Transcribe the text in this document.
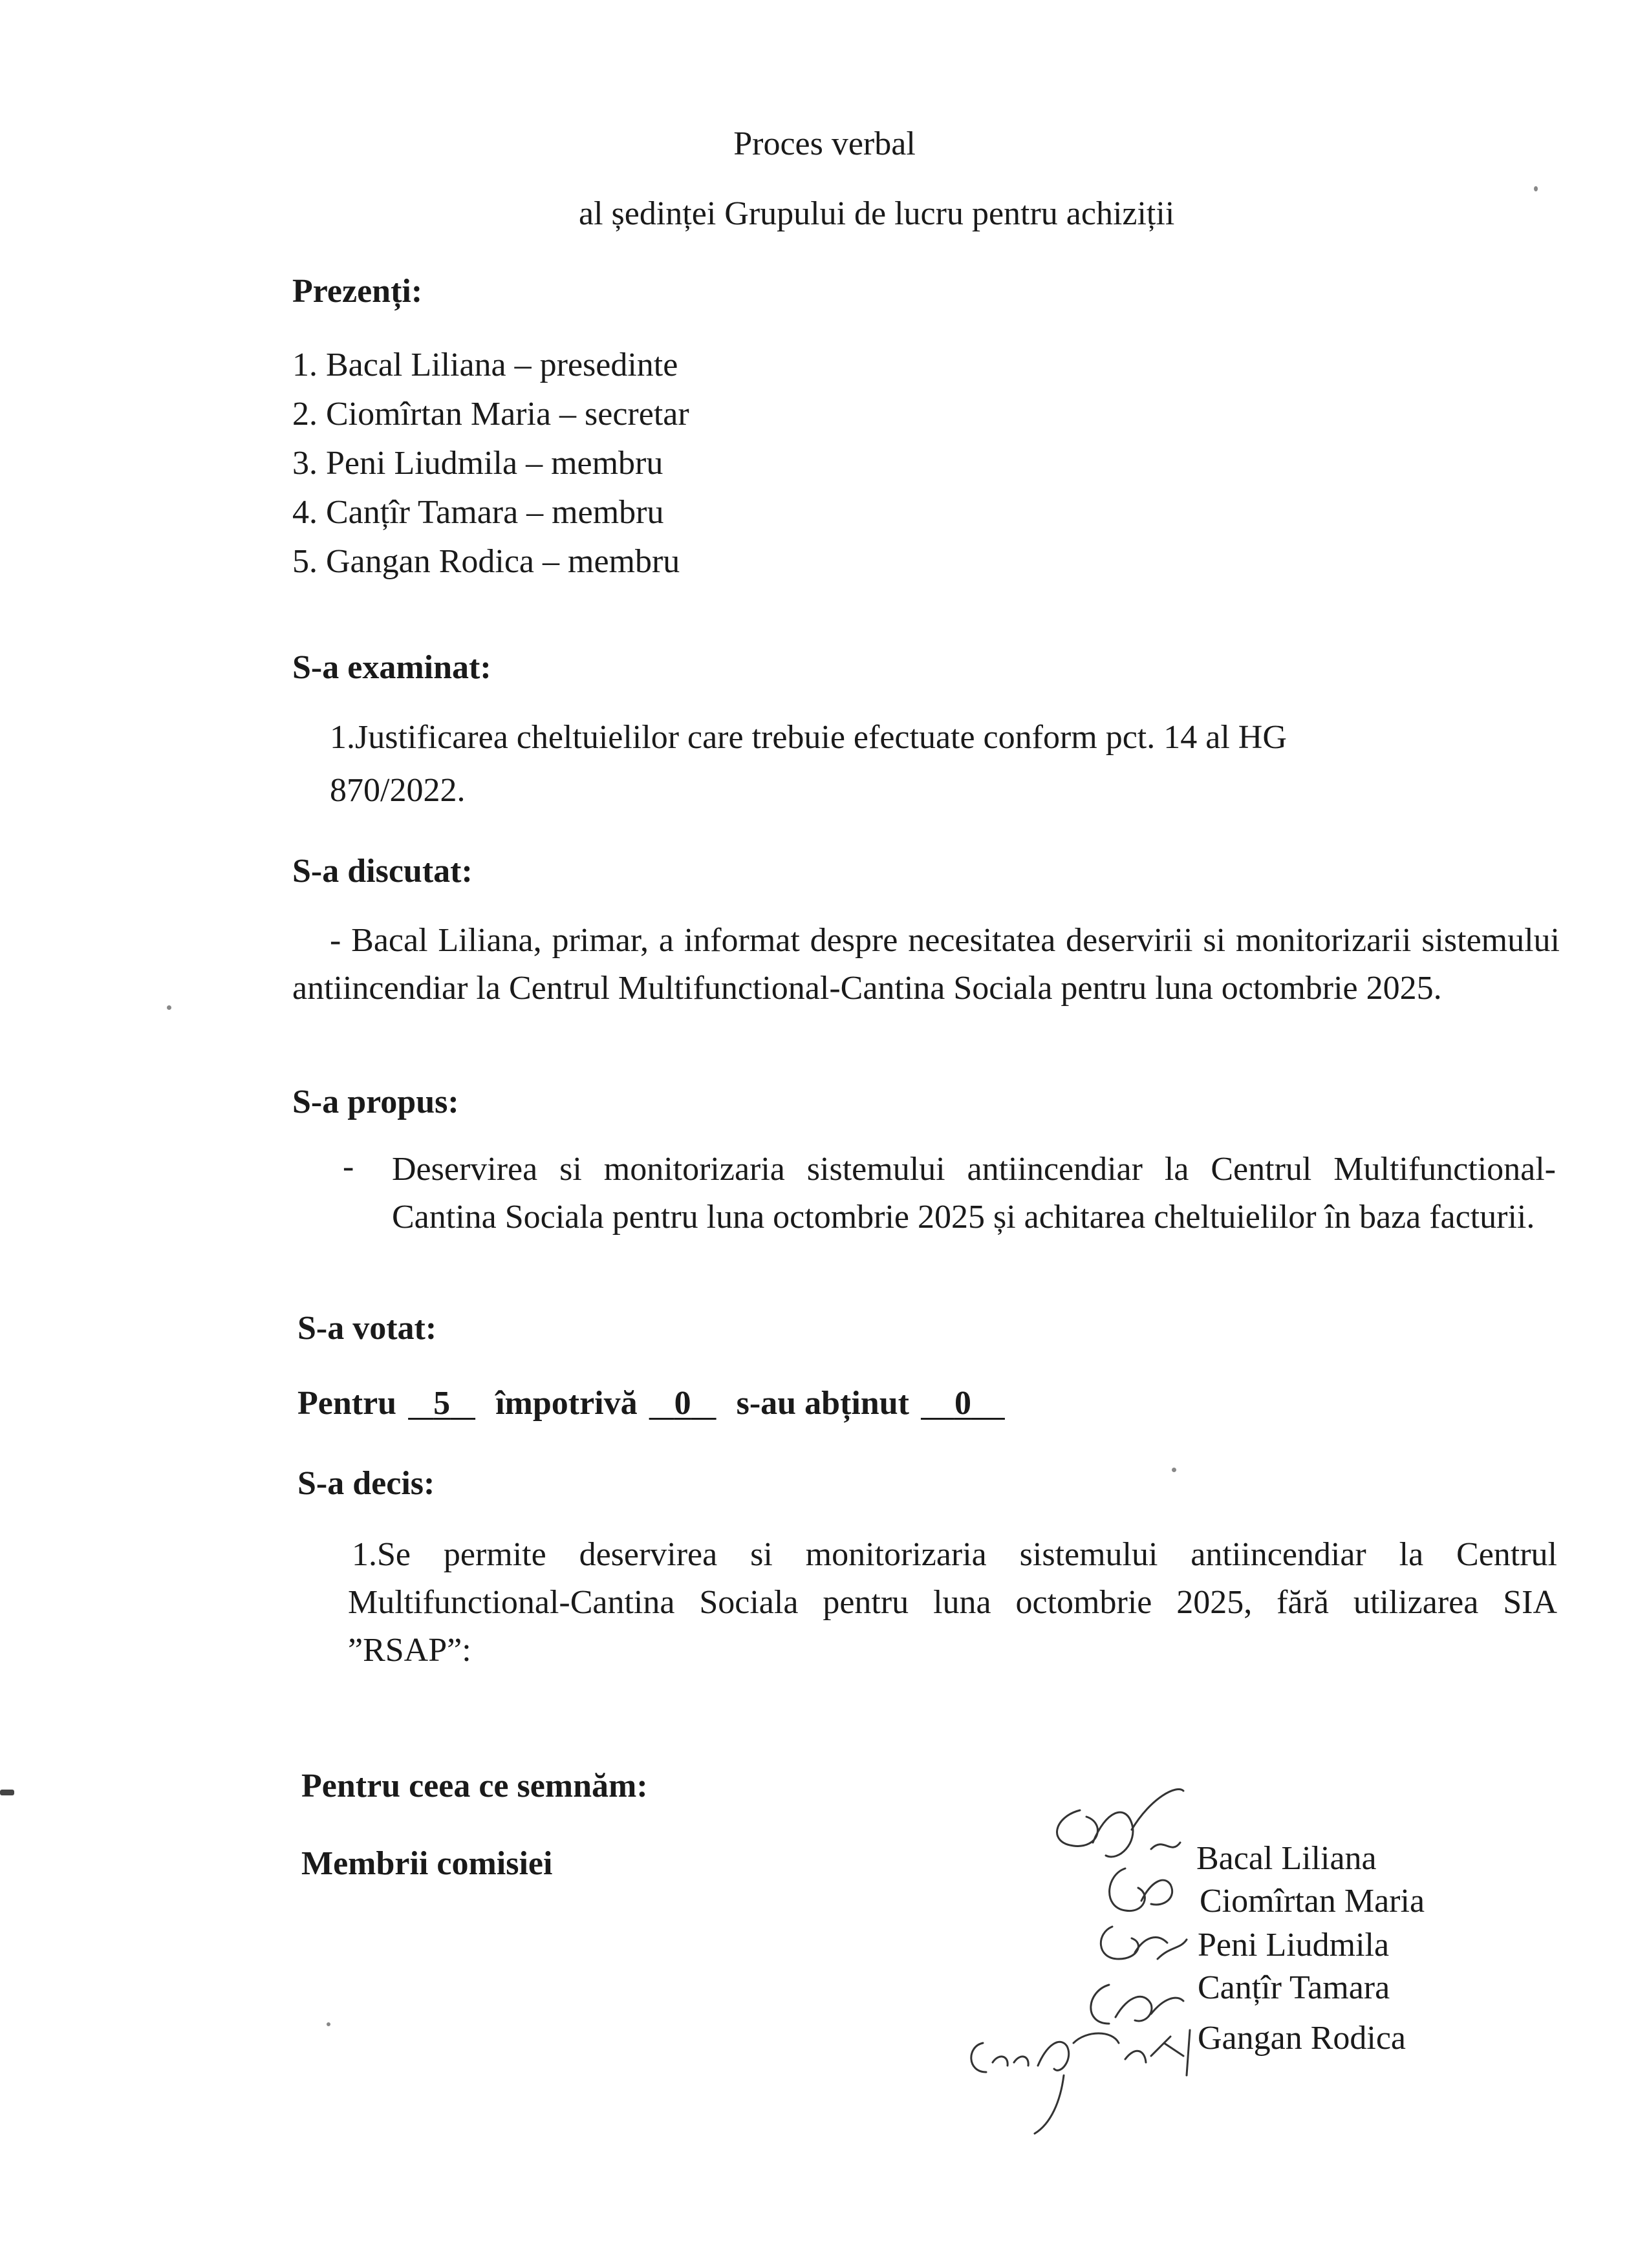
Proces verbal
al ședinței Grupului de lucru pentru achiziții
Prezenți:
1. Bacal Liliana – presedinte
2. Ciomîrtan Maria – secretar
3. Peni Liudmila – membru
4. Canțîr Tamara – membru
5. Gangan Rodica – membru
S-a examinat:
1.Justificarea cheltuielilor care trebuie efectuate conform pct. 14 al HG
870/2022.
S-a discutat:
- Bacal Liliana, primar, a informat despre necesitatea deservirii si monitorizarii sistemului antiincendiar la Centrul Multifunctional-Cantina Sociala pentru luna octombrie 2025.
S-a propus:
- Deservirea si monitorizaria sistemului antiincendiar la Centrul Multifunctional-Cantina Sociala pentru luna octombrie 2025 și achitarea cheltuielilor în baza facturii.
S-a votat:
Pentru 5 împotrivă 0 s-au abținut 0
S-a decis:
1.Se permite deservirea si monitorizaria sistemului antiincendiar la Centrul Multifunctional-Cantina Sociala pentru luna octombrie 2025, fără utilizarea SIA ”RSAP”:
Pentru ceea ce semnăm:
Membrii comisiei	Bacal Liliana
Ciomîrtan Maria
Peni Liudmila
Canțîr Tamara
Gangan Rodica
